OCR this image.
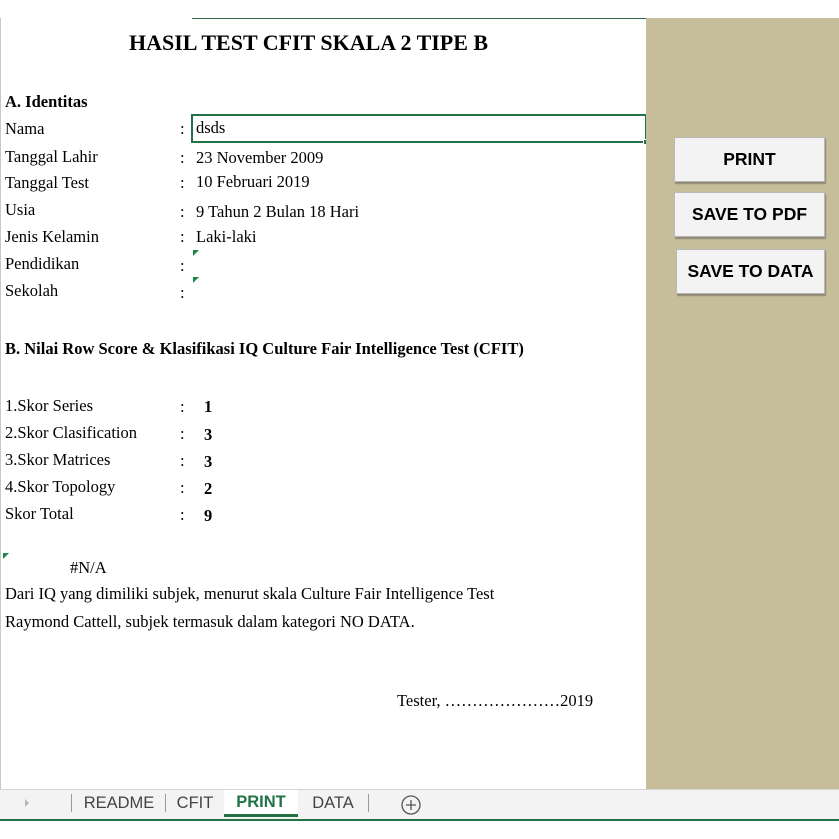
HASIL TEST CFIT SKALA 2 TIPE B
A. Identitas
Nama	: dsds
Tanggal Lahir	: 23 November 2009
Tanggal Test	: 10 Februari 2019
Usia	: 9 Tahun 2 Bulan 18 Hari
Jenis Kelamin	: Laki-laki
Pendidikan	:
Sekolah	:
B. Nilai Row Score & Klasifikasi IQ Culture Fair Intelligence Test (CFIT)
1.Skor Series	: 1
2.Skor Clasification	: 3
3.Skor Matrices	: 3
4.Skor Topology	: 2
Skor Total	: 9
#N/A
Dari IQ yang dimiliki subjek, menurut skala Culture Fair Intelligence Test
Raymond Cattell, subjek termasuk dalam kategori NO DATA.
Tester, …………………2019
PRINT
SAVE TO PDF
SAVE TO DATA
README	CFIT	PRINT	DATA
